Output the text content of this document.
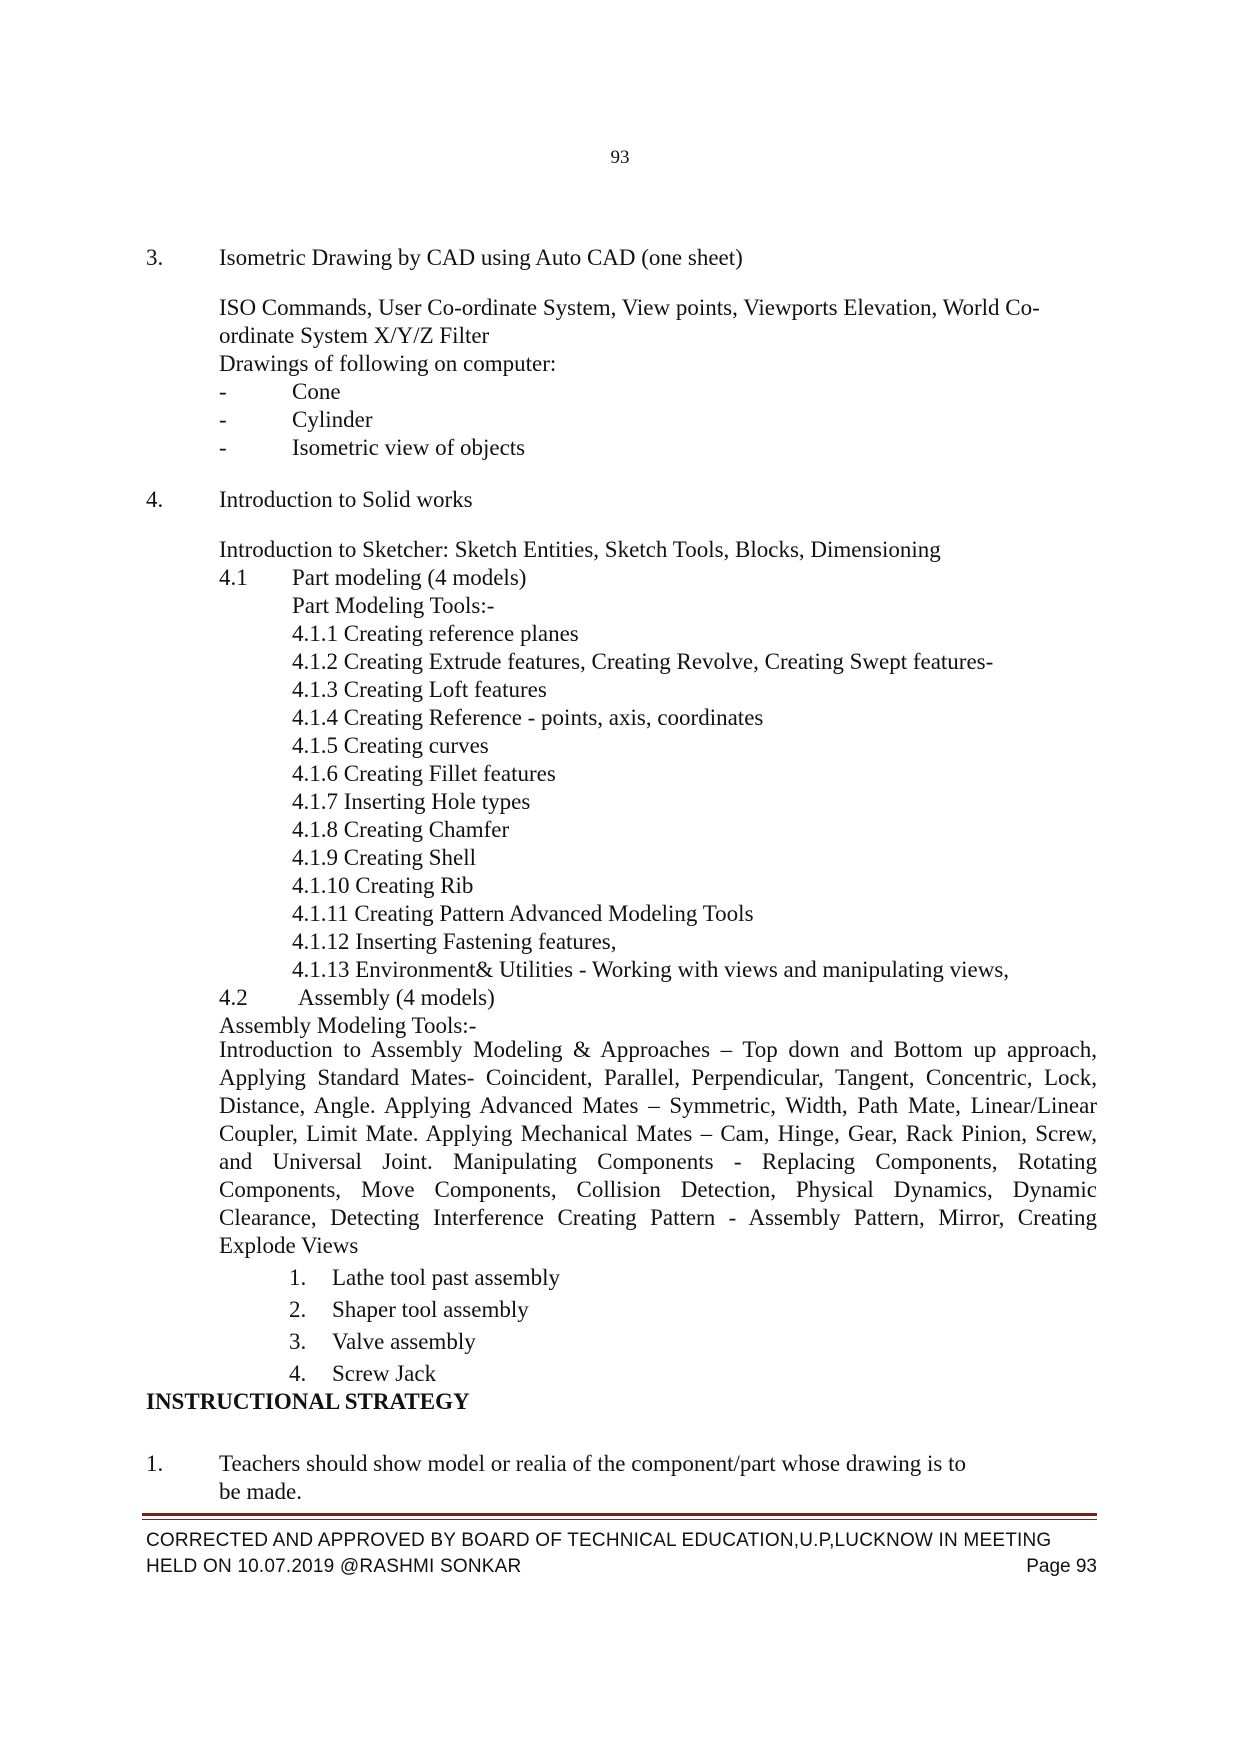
93
3. Isometric Drawing by CAD using Auto CAD (one sheet)
ISO Commands, User Co-ordinate System, View points, Viewports Elevation, World Co-
ordinate System X/Y/Z Filter
Drawings of following on computer:
-	Cone
-	Cylinder
-	Isometric view of objects
4. Introduction to Solid works
Introduction to Sketcher: Sketch Entities, Sketch Tools, Blocks, Dimensioning
4.1 Part modeling (4 models)
Part Modeling Tools:-
4.1.1 Creating reference planes
4.1.2 Creating Extrude features, Creating Revolve, Creating Swept features-
4.1.3 Creating Loft features
4.1.4 Creating Reference - points, axis, coordinates
4.1.5 Creating curves
4.1.6 Creating Fillet features
4.1.7 Inserting Hole types
4.1.8 Creating Chamfer
4.1.9 Creating Shell
4.1.10 Creating Rib
4.1.11 Creating Pattern Advanced Modeling Tools
4.1.12 Inserting Fastening features,
4.1.13 Environment& Utilities - Working with views and manipulating views,
4.2 Assembly (4 models)
Assembly Modeling Tools:-
Introduction to Assembly Modeling & Approaches – Top down and Bottom up approach, Applying Standard Mates- Coincident, Parallel, Perpendicular, Tangent, Concentric, Lock, Distance, Angle. Applying Advanced Mates – Symmetric, Width, Path Mate, Linear/Linear Coupler, Limit Mate. Applying Mechanical Mates – Cam, Hinge, Gear, Rack Pinion, Screw, and Universal Joint. Manipulating Components - Replacing Components, Rotating Components, Move Components, Collision Detection, Physical Dynamics, Dynamic Clearance, Detecting Interference Creating Pattern - Assembly Pattern, Mirror, Creating Explode Views
1. Lathe tool past assembly
2. Shaper tool assembly
3. Valve assembly
4. Screw Jack
INSTRUCTIONAL STRATEGY
1. Teachers should show model or realia of the component/part whose drawing is to
be made.
CORRECTED AND APPROVED BY BOARD OF TECHNICAL EDUCATION,U.P,LUCKNOW IN MEETING
HELD ON 10.07.2019 @RASHMI SONKAR	Page 93
